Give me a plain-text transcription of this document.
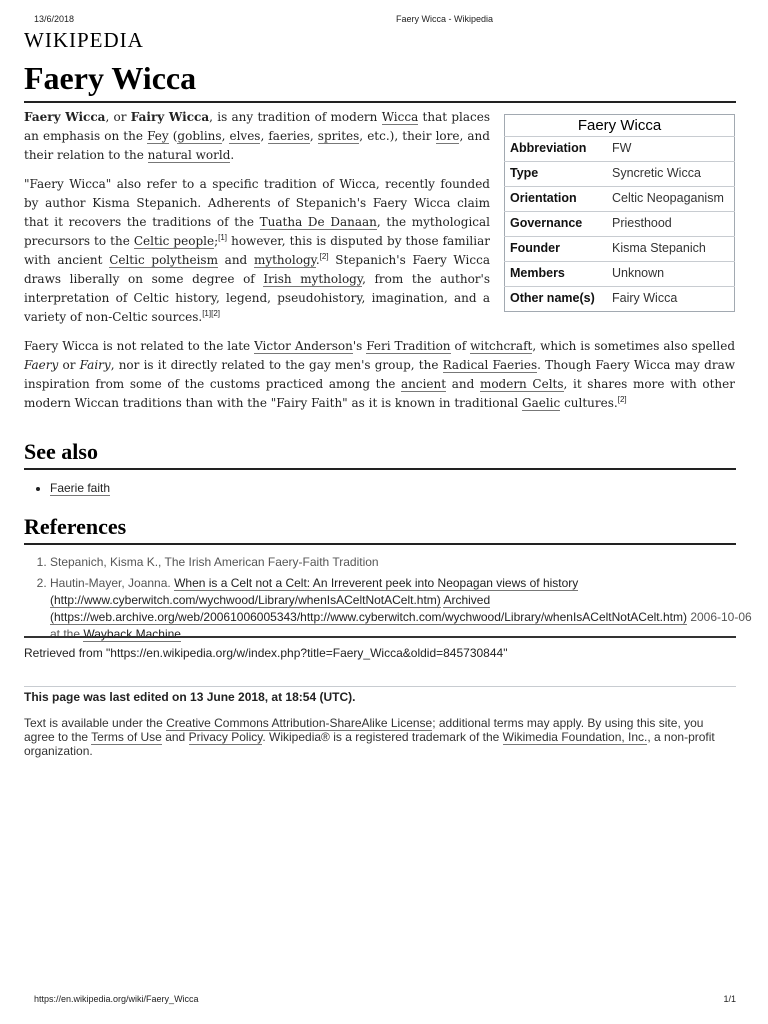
13/6/2018	Faery Wicca - Wikipedia
WIKIPEDIA
Faery Wicca
Faery Wicca
Abbreviation	FW
Type	Syncretic Wicca
Orientation	Celtic Neopaganism
Governance	Priesthood
Founder	Kisma Stepanich
Members	Unknown
Other name(s)	Fairy Wicca

Faery Wicca, or Fairy Wicca, is any tradition of modern Wicca that places an emphasis on the Fey (goblins, elves, faeries, sprites, etc.), their lore, and their relation to the natural world.

"Faery Wicca" also refer to a specific tradition of Wicca, recently founded by author Kisma Stepanich. Adherents of Stepanich's Faery Wicca claim that it recovers the traditions of the Tuatha De Danaan, the mythological precursors to the Celtic people;[1] however, this is disputed by those familiar with ancient Celtic polytheism and mythology.[2] Stepanich's Faery Wicca draws liberally on some degree of Irish mythology, from the author's interpretation of Celtic history, legend, pseudohistory, imagination, and a variety of non-Celtic sources.[1][2]

Faery Wicca is not related to the late Victor Anderson's Feri Tradition of witchcraft, which is sometimes also spelled Faery or Fairy, nor is it directly related to the gay men's group, the Radical Faeries. Though Faery Wicca may draw inspiration from some of the customs practiced among the ancient and modern Celts, it shares more with other modern Wiccan traditions than with the "Fairy Faith" as it is known in traditional Gaelic cultures.[2]

See also
• Faerie faith
References
1. Stepanich, Kisma K., The Irish American Faery-Faith Tradition
2. Hautin-Mayer, Joanna. When is a Celt not a Celt: An Irreverent peek into Neopagan views of history (http://www.cyberwitch.com/wychwood/Library/whenIsACeltNotACelt.htm) Archived (https://web.archive.org/web/20061006005343/http://www.cyberwitch.com/wychwood/Library/whenIsACeltNotACelt.htm) 2006-10-06 at the Wayback Machine.
Retrieved from "https://en.wikipedia.org/w/index.php?title=Faery_Wicca&oldid=845730844"
This page was last edited on 13 June 2018, at 18:54 (UTC).
Text is available under the Creative Commons Attribution-ShareAlike License; additional terms may apply. By using this site, you agree to the Terms of Use and Privacy Policy. Wikipedia® is a registered trademark of the Wikimedia Foundation, Inc., a non-profit organization.
https://en.wikipedia.org/wiki/Faery_Wicca	1/1
